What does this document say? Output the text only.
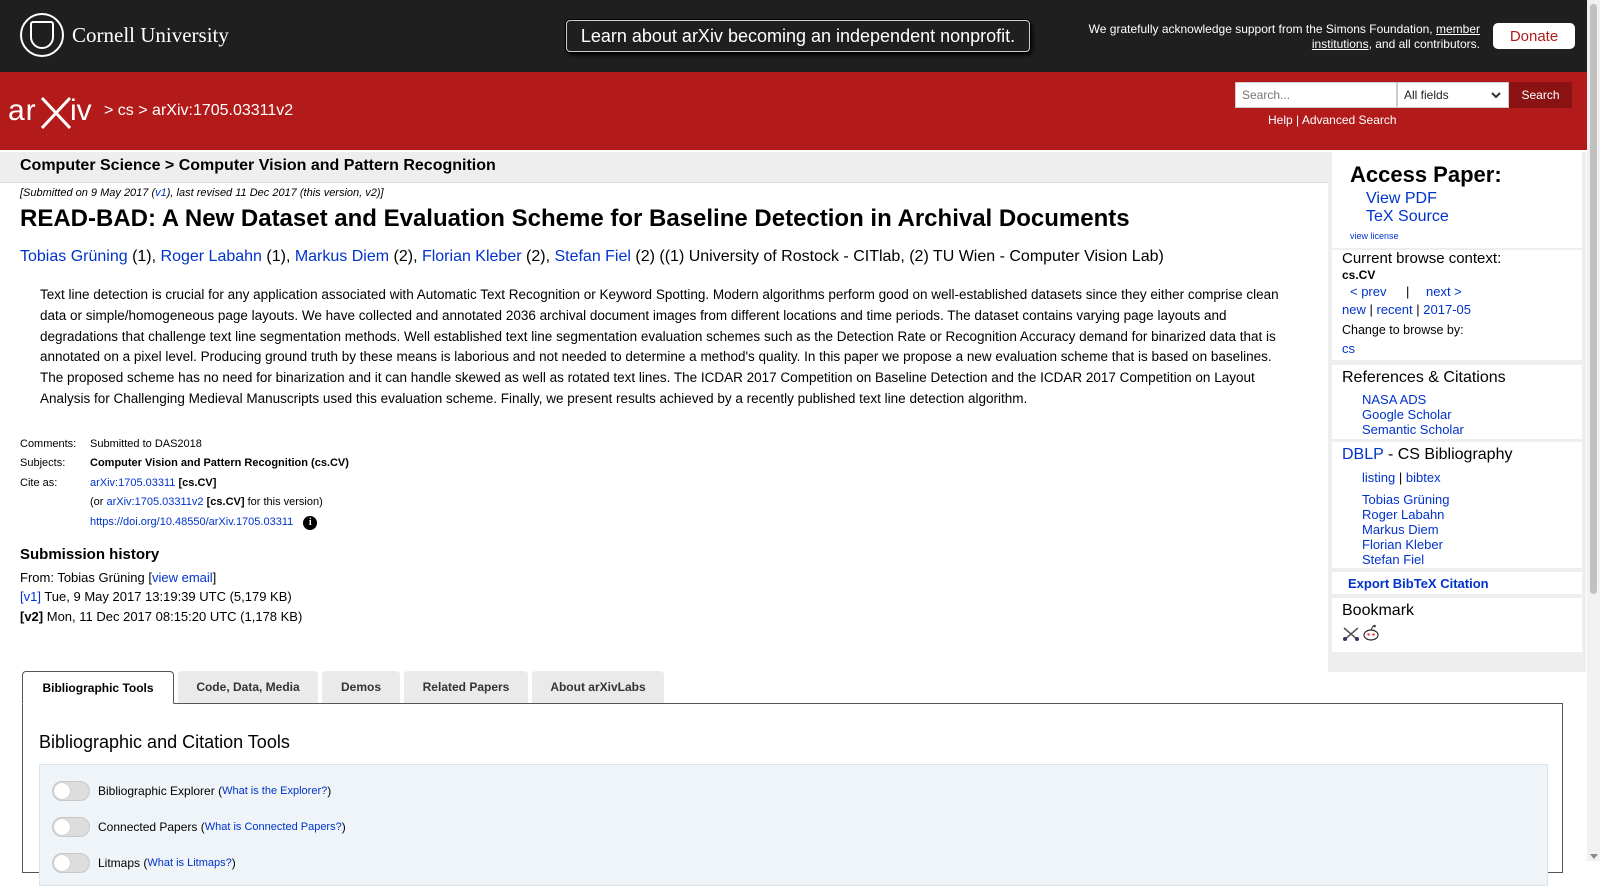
Cornell University	Learn about arXiv becoming an independent nonprofit.	We gratefully acknowledge support from the Simons Foundation, member institutions, and all contributors.	Donate
ar iv > cs > arXiv:1705.03311v2
Search...
All fields	Search
Help | Advanced Search
Computer Science > Computer Vision and Pattern Recognition
[Submitted on 9 May 2017 (v1), last revised 11 Dec 2017 (this version, v2)]
READ-BAD: A New Dataset and Evaluation Scheme for Baseline Detection in Archival Documents
Tobias Grüning (1), Roger Labahn (1), Markus Diem (2), Florian Kleber (2), Stefan Fiel (2) ((1) University of Rostock - CITlab, (2) TU Wien - Computer Vision Lab)
Text line detection is crucial for any application associated with Automatic Text Recognition or Keyword Spotting. Modern algorithms perform good on well-established datasets since they either comprise clean data or simple/homogeneous page layouts. We have collected and annotated 2036 archival document images from different locations and time periods. The dataset contains varying page layouts and degradations that challenge text line segmentation methods. Well established text line segmentation evaluation schemes such as the Detection Rate or Recognition Accuracy demand for binarized data that is annotated on a pixel level. Producing ground truth by these means is laborious and not needed to determine a method's quality. In this paper we propose a new evaluation scheme that is based on baselines. The proposed scheme has no need for binarization and it can handle skewed as well as rotated text lines. The ICDAR 2017 Competition on Baseline Detection and the ICDAR 2017 Competition on Layout Analysis for Challenging Medieval Manuscripts used this evaluation scheme. Finally, we present results achieved by a recently published text line detection algorithm.
Comments:	Submitted to DAS2018
Subjects:	Computer Vision and Pattern Recognition (cs.CV)
Cite as:	arXiv:1705.03311 [cs.CV]
(or arXiv:1705.03311v2 [cs.CV] for this version)
https://doi.org/10.48550/arXiv.1705.03311 i
Submission history
From: Tobias Grüning [view email]
[v1] Tue, 9 May 2017 13:19:39 UTC (5,179 KB)
[v2] Mon, 11 Dec 2017 08:15:20 UTC (1,178 KB)
Bibliographic Tools	Code, Data, Media	Demos	Related Papers	About arXivLabs
Bibliographic and Citation Tools
Bibliographic Explorer ( What is the Explorer? )
Connected Papers ( What is Connected Papers? )
Litmaps ( What is Litmaps? )
Access Paper:
View PDF
TeX Source
view license
Current browse context:
cs.CV
< prev | next >
new | recent | 2017-05
Change to browse by:
cs
References & Citations
NASA ADS
Google Scholar
Semantic Scholar
DBLP - CS Bibliography
listing | bibtex
Tobias Grüning
Roger Labahn
Markus Diem
Florian Kleber
Stefan Fiel
Export BibTeX Citation
Bookmark
